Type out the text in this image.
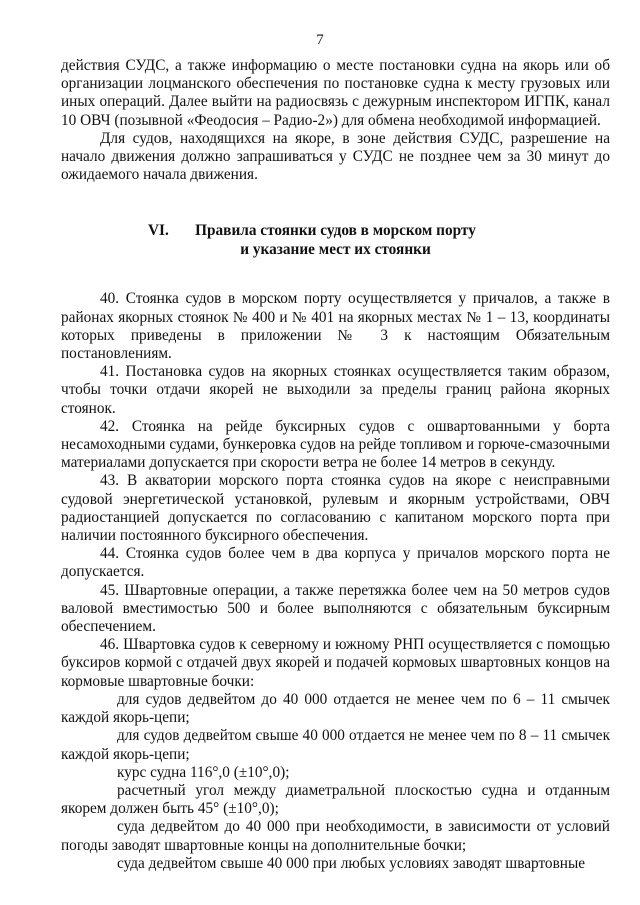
7

действия СУДС, а также информацию о месте постановки судна на якорь или об организации лоцманского обеспечения по постановке судна к месту грузовых или иных операций. Далее выйти на радиосвязь с дежурным инспектором ИГПК, канал 10 ОВЧ (позывной «Феодосия – Радио-2») для обмена необходимой информацией.

Для судов, находящихся на якоре, в зоне действия СУДС, разрешение на начало движения должно запрашиваться у СУДС не позднее чем за 30 минут до ожидаемого начала движения.

VI.	Правила стоянки судов в морском порту
и указание мест их стоянки

40. Стоянка судов в морском порту осуществляется у причалов, а также в районах якорных стоянок № 400 и № 401 на якорных местах № 1 – 13, координаты которых приведены в приложении № 3 к настоящим Обязательным постановлениям.

41. Постановка судов на якорных стоянках осуществляется таким образом, чтобы точки отдачи якорей не выходили за пределы границ района якорных стоянок.

42. Стоянка на рейде буксирных судов с ошвартованными у борта несамоходными судами, бункеровка судов на рейде топливом и горюче-смазочными материалами допускается при скорости ветра не более 14 метров в секунду.

43. В акватории морского порта стоянка судов на якоре с неисправными судовой энергетической установкой, рулевым и якорным устройствами, ОВЧ радиостанцией допускается по согласованию с капитаном морского порта при наличии постоянного буксирного обеспечения.

44. Стоянка судов более чем в два корпуса у причалов морского порта не допускается.

45. Швартовные операции, а также перетяжка более чем на 50 метров судов валовой вместимостью 500 и более выполняются с обязательным буксирным обеспечением.

46. Швартовка судов к северному и южному РНП осуществляется с помощью буксиров кормой с отдачей двух якорей и подачей кормовых швартовных концов на кормовые швартовные бочки:

для судов дедвейтом до 40 000 отдается не менее чем по 6 – 11 смычек каждой якорь-цепи;

для судов дедвейтом свыше 40 000 отдается не менее чем по 8 – 11 смычек каждой якорь-цепи;

курс судна 116°,0 (±10°,0);

расчетный угол между диаметральной плоскостью судна и отданным якорем должен быть 45° (±10°,0);

суда дедвейтом до 40 000 при необходимости, в зависимости от условий погоды заводят швартовные концы на дополнительные бочки;

суда дедвейтом свыше 40 000 при любых условиях заводят швартовные
